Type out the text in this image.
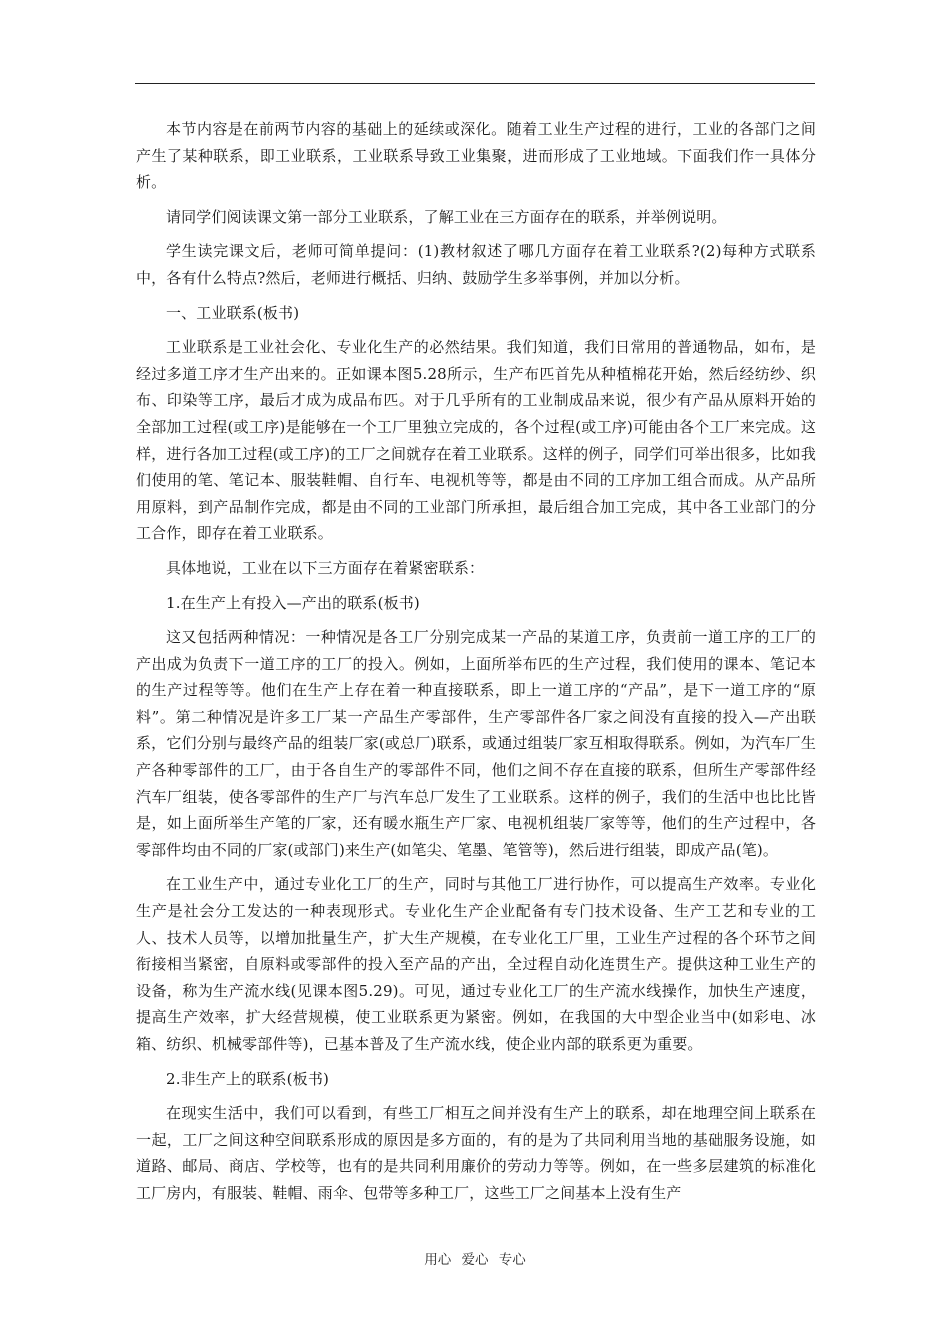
本节内容是在前两节内容的基础上的延续或深化。随着工业生产过程的进行，工业的各部门之间产生了某种联系，即工业联系，工业联系导致工业集聚，进而形成了工业地域。下面我们作一具体分析。

请同学们阅读课文第一部分工业联系，了解工业在三方面存在的联系，并举例说明。

学生读完课文后，老师可简单提问：(1)教材叙述了哪几方面存在着工业联系?(2)每种方式联系中，各有什么特点?然后，老师进行概括、归纳、鼓励学生多举事例，并加以分析。

一、工业联系(板书)

工业联系是工业社会化、专业化生产的必然结果。我们知道，我们日常用的普通物品，如布，是经过多道工序才生产出来的。正如课本图5.28所示，生产布匹首先从种植棉花开始，然后经纺纱、织布、印染等工序，最后才成为成品布匹。对于几乎所有的工业制成品来说，很少有产品从原料开始的全部加工过程(或工序)是能够在一个工厂里独立完成的，各个过程(或工序)可能由各个工厂来完成。这样，进行各加工过程(或工序)的工厂之间就存在着工业联系。这样的例子，同学们可举出很多，比如我们使用的笔、笔记本、服装鞋帽、自行车、电视机等等，都是由不同的工序加工组合而成。从产品所用原料，到产品制作完成，都是由不同的工业部门所承担，最后组合加工完成，其中各工业部门的分工合作，即存在着工业联系。

具体地说，工业在以下三方面存在着紧密联系：

1.在生产上有投入—产出的联系(板书)

这又包括两种情况：一种情况是各工厂分别完成某一产品的某道工序，负责前一道工序的工厂的产出成为负责下一道工序的工厂的投入。例如，上面所举布匹的生产过程，我们使用的课本、笔记本的生产过程等等。他们在生产上存在着一种直接联系，即上一道工序的“产品”，是下一道工序的“原料”。第二种情况是许多工厂某一产品生产零部件，生产零部件各厂家之间没有直接的投入—产出联系，它们分别与最终产品的组装厂家(或总厂)联系，或通过组装厂家互相取得联系。例如，为汽车厂生产各种零部件的工厂，由于各自生产的零部件不同，他们之间不存在直接的联系，但所生产零部件经汽车厂组装，使各零部件的生产厂与汽车总厂发生了工业联系。这样的例子，我们的生活中也比比皆是，如上面所举生产笔的厂家，还有暖水瓶生产厂家、电视机组装厂家等等，他们的生产过程中，各零部件均由不同的厂家(或部门)来生产(如笔尖、笔墨、笔管等)，然后进行组装，即成产品(笔)。

在工业生产中，通过专业化工厂的生产，同时与其他工厂进行协作，可以提高生产效率。专业化生产是社会分工发达的一种表现形式。专业化生产企业配备有专门技术设备、生产工艺和专业的工人、技术人员等，以增加批量生产，扩大生产规模，在专业化工厂里，工业生产过程的各个环节之间衔接相当紧密，自原料或零部件的投入至产品的产出，全过程自动化连贯生产。提供这种工业生产的设备，称为生产流水线(见课本图5.29)。可见，通过专业化工厂的生产流水线操作，加快生产速度，提高生产效率，扩大经营规模，使工业联系更为紧密。例如，在我国的大中型企业当中(如彩电、冰箱、纺织、机械零部件等)，已基本普及了生产流水线，使企业内部的联系更为重要。

2.非生产上的联系(板书)

在现实生活中，我们可以看到，有些工厂相互之间并没有生产上的联系，却在地理空间上联系在一起，工厂之间这种空间联系形成的原因是多方面的，有的是为了共同利用当地的基础服务设施，如道路、邮局、商店、学校等，也有的是共同利用廉价的劳动力等等。例如，在一些多层建筑的标准化工厂房内，有服装、鞋帽、雨伞、包带等多种工厂，这些工厂之间基本上没有生产

用心 爱心 专心
